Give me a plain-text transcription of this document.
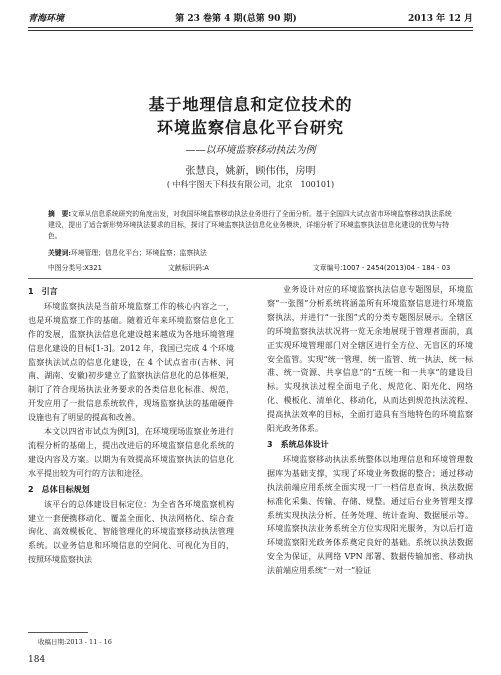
青海环境	第 23 卷第 4 期(总第 90 期)	2013 年 12 月
基于地理信息和定位技术的
环境监察信息化平台研究
——以环境监察移动执法为例
张慧良，姚新，顾伟伟，房明
( 中科宇图天下科技有限公司，北京　100101)
摘　要:文章从信息系统研究的角度出发，对我国环境监察移动执法业务进行了全面分析。基于全国四大试点省市环境监察移动执法系统建设，提出了适合新形势环境执法要求的目标，探讨了环境监察执法信息化业务模块，详细分析了环境监察执法信息化建设的优势与特色。
关键词:环境管理；信息化平台；环境监察；监察执法
中图分类号:X321	文献标识码:A	文章编号:1007 - 2454(2013)04 - 184 - 03
1　引言

环境监察执法是当前环境监察工作的核心内容之一，也是环境监察工作的基础。随着近年来环境监察信息化工作的发展，监察执法信息化建设越来越成为各地环境管理信息化建设的目标[1-3]。2012 年，我国已完成 4 个环境监察执法试点的信息化建设，在 4 个试点省市(吉林、河南、湖南、安徽)初步建立了监察执法信息化的总体框架，制订了符合现场执法业务要求的各类信息化标准、规范，开发应用了一批信息系统软件，现场监察执法的基础硬件设施也有了明显的提高和改善。

本文以四省市试点为例[3]，在环境现场监察业务进行流程分析的基础上，提出改进后的环境监察信息化系统的建设内容及方案。以期为有效提高环境监察执法的信息化水平提出较为可行的方法和途径。

2　总体目标规划

该平台的总体建设目标定位：为全省各环境监察机构建立一套便携移动化、覆盖全面化、执法网格化、综合查询化、高效模板化、智能管理化的环境监察移动执法管理系统。以业务信息和环境信息的空间化、可视化为目的，按照环境监察执法

业务设计对应的环境监察执法信息专题图层，环境监察“一张图”分析系统将涵盖所有环境监察信息进行环境监察执法，并进行“一张图”式的分类专题图层展示。全辖区的环境监察执法状况将一览无余地展现于管理者面前，真正实现环境管理部门对全辖区进行全方位、无盲区的环境安全监管。实现“统一管理、统一监管、统一执法、统一标准、统一资源、共享信息”的“五统一和一共享”的建设目标。实现执法过程全面电子化、规范化、阳光化、网络化、模板化、清单化、移动化，从而达到规范执法流程、提高执法效率的目标，全面打造具有当地特色的环境监察阳光政务体系。

3　系统总体设计

环境监察移动执法系统整体以地理信息和环境管理数据库为基础支撑，实现了环境业务数据的整合；通过移动执法前端应用系统全面实现一厂一档信息查询、执法数据标准化采集、传输、存储、规整。通过后台业务管理支撑系统实现执法分析、任务处理、统计查询、数据展示等。环境监察执法业务系统全方位实现阳光服务，为以后打造环境监察阳光政务体系奠定良好的基础。系统以执法数据安全为保证，从网络 VPN 部署、数据传输加密、移动执法前端应用系统“一对一”验证

收稿日期:2013 - 11 - 16
184
